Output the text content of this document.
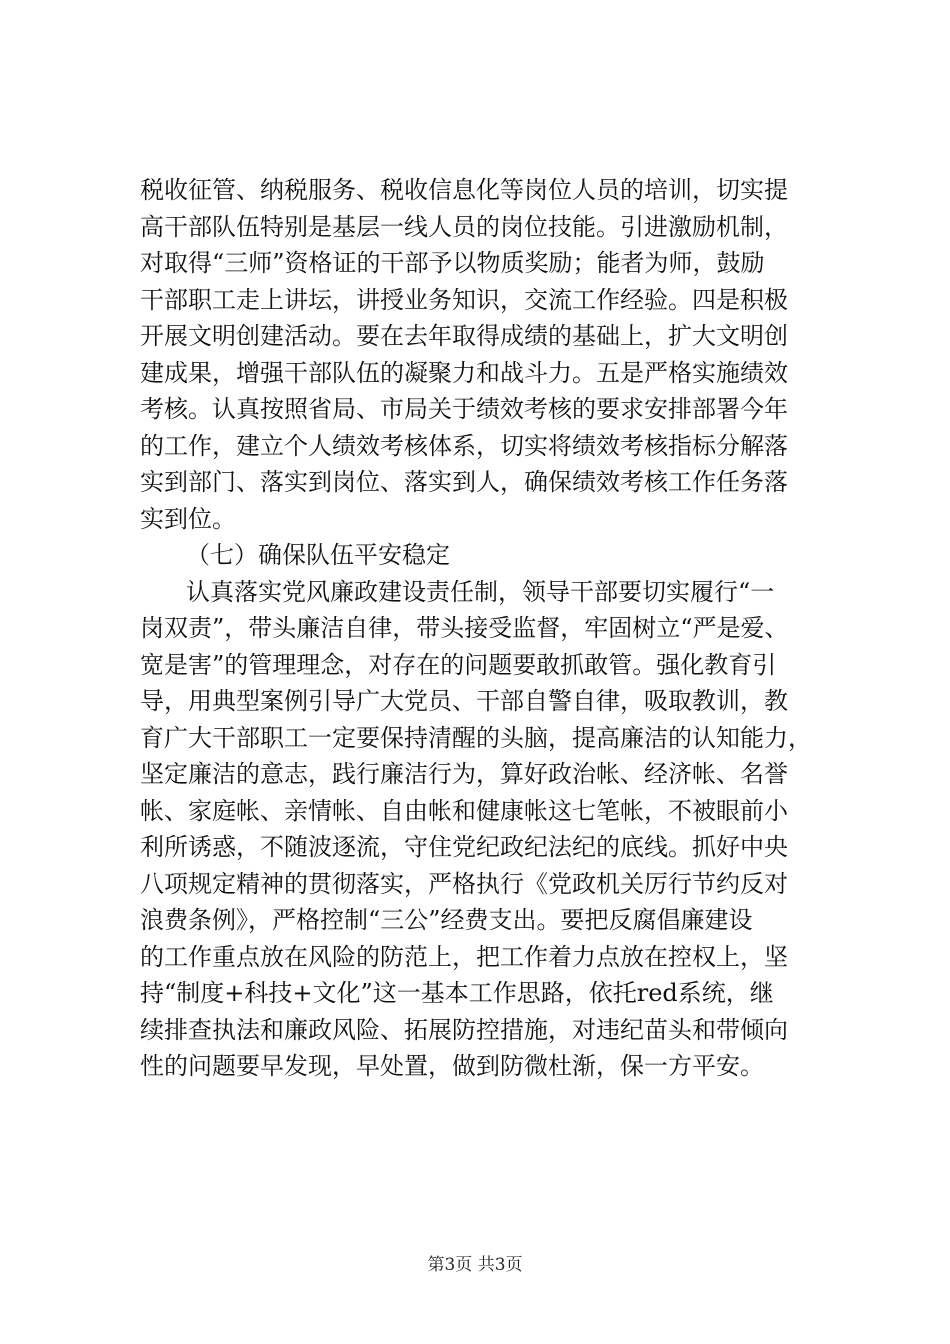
税收征管、纳税服务、税收信息化等岗位人员的培训，切实提
高干部队伍特别是基层一线人员的岗位技能。引进激励机制，
对取得“三师”资格证的干部予以物质奖励；能者为师，鼓励
干部职工走上讲坛，讲授业务知识，交流工作经验。四是积极
开展文明创建活动。要在去年取得成绩的基础上，扩大文明创
建成果，增强干部队伍的凝聚力和战斗力。五是严格实施绩效
考核。认真按照省局、市局关于绩效考核的要求安排部署今年
的工作，建立个人绩效考核体系，切实将绩效考核指标分解落
实到部门、落实到岗位、落实到人，确保绩效考核工作任务落
实到位。
（七）确保队伍平安稳定
认真落实党风廉政建设责任制，领导干部要切实履行“一
岗双责”，带头廉洁自律，带头接受监督，牢固树立“严是爱、
宽是害”的管理理念，对存在的问题要敢抓敢管。强化教育引
导，用典型案例引导广大党员、干部自警自律，吸取教训，教
育广大干部职工一定要保持清醒的头脑，提高廉洁的认知能力，
坚定廉洁的意志，践行廉洁行为，算好政治帐、经济帐、名誉
帐、家庭帐、亲情帐、自由帐和健康帐这七笔帐，不被眼前小
利所诱惑，不随波逐流，守住党纪政纪法纪的底线。抓好中央
八项规定精神的贯彻落实，严格执行《党政机关厉行节约反对
浪费条例》，严格控制“三公”经费支出。要把反腐倡廉建设
的工作重点放在风险的防范上，把工作着力点放在控权上，坚
持“制度+科技+文化”这一基本工作思路，依托red系统，继
续排查执法和廉政风险、拓展防控措施，对违纪苗头和带倾向
性的问题要早发现，早处置，做到防微杜渐，保一方平安。
第3页 共3页
